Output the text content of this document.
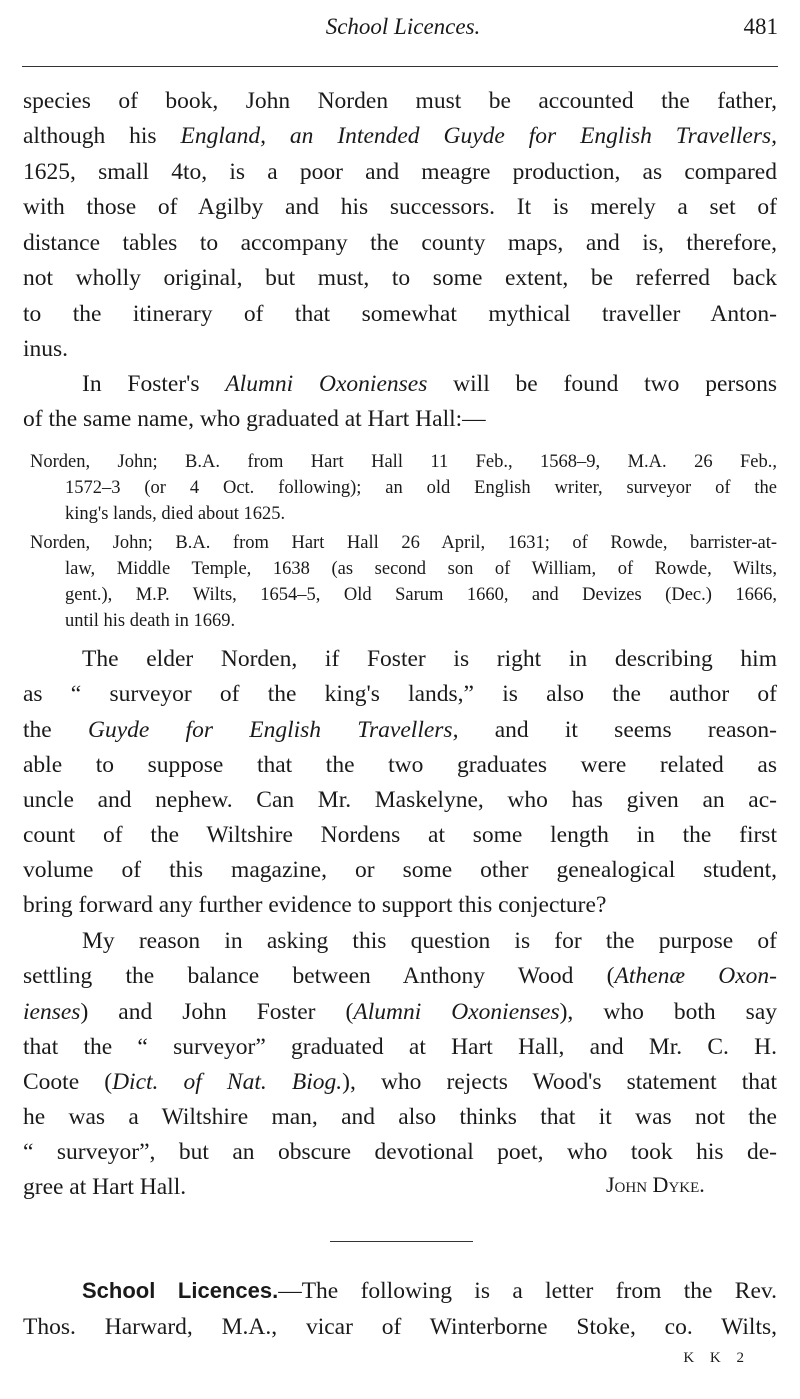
School Licences.	481
species of book, John Norden must be accounted the father,
although his England, an Intended Guyde for English Travellers,
1625, small 4to, is a poor and meagre production, as compared
with those of Agilby and his successors. It is merely a set of
distance tables to accompany the county maps, and is, therefore,
not wholly original, but must, to some extent, be referred back
to the itinerary of that somewhat mythical traveller Anton-
inus.
In Foster's Alumni Oxonienses will be found two persons
of the same name, who graduated at Hart Hall:—
Norden, John; B.A. from Hart Hall 11 Feb., 1568–9, M.A. 26 Feb.,
1572–3 (or 4 Oct. following); an old English writer, surveyor of the
king's lands, died about 1625.
Norden, John; B.A. from Hart Hall 26 April, 1631; of Rowde, barrister-at-
law, Middle Temple, 1638 (as second son of William, of Rowde, Wilts,
gent.), M.P. Wilts, 1654–5, Old Sarum 1660, and Devizes (Dec.) 1666,
until his death in 1669.
The elder Norden, if Foster is right in describing him
as “ surveyor of the king's lands,” is also the author of
the Guyde for English Travellers, and it seems reason-
able to suppose that the two graduates were related as
uncle and nephew. Can Mr. Maskelyne, who has given an ac-
count of the Wiltshire Nordens at some length in the first
volume of this magazine, or some other genealogical student,
bring forward any further evidence to support this conjecture?
My reason in asking this question is for the purpose of
settling the balance between Anthony Wood (Athenæ Oxon-
ienses) and John Foster (Alumni Oxonienses), who both say
that the “ surveyor” graduated at Hart Hall, and Mr. C. H.
Coote (Dict. of Nat. Biog.), who rejects Wood's statement that
he was a Wiltshire man, and also thinks that it was not the
“ surveyor”, but an obscure devotional poet, who took his de-
gree at Hart Hall.	John Dyke.
School Licences.—The following is a letter from the Rev.
Thos. Harward, M.A., vicar of Winterborne Stoke, co. Wilts,
K K 2
